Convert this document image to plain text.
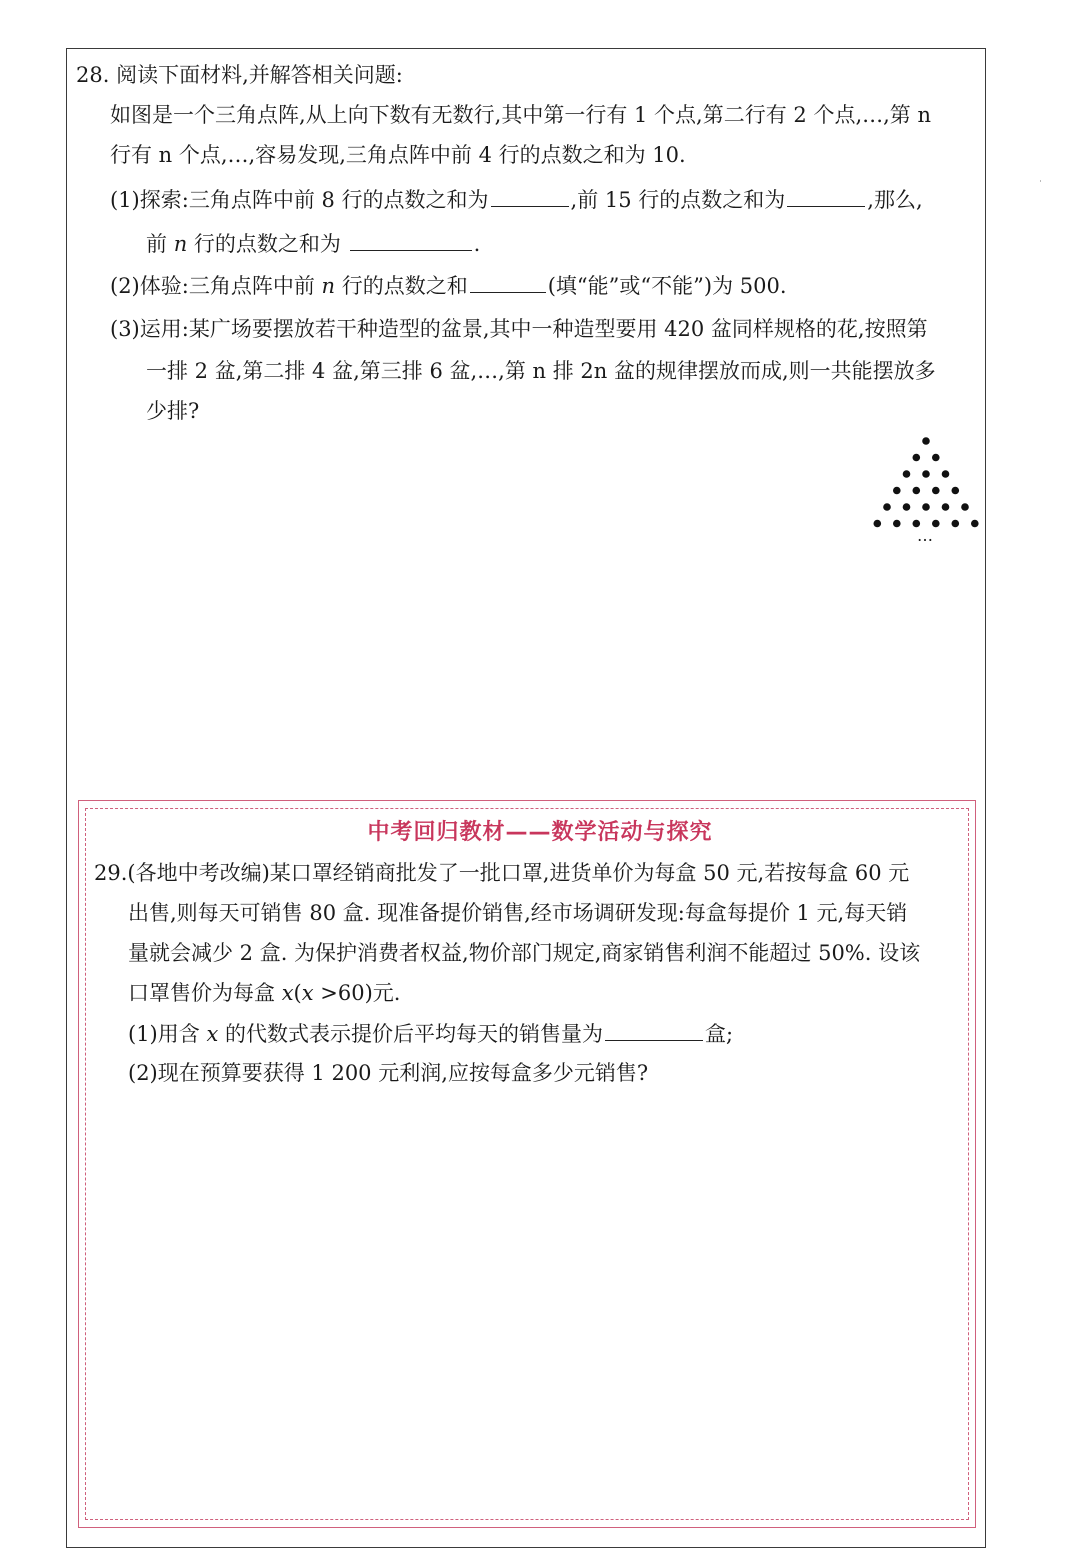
28. 阅读下面材料,并解答相关问题:
如图是一个三角点阵,从上向下数有无数行,其中第一行有 1 个点,第二行有 2 个点,…,第 n
行有 n 个点,…,容易发现,三角点阵中前 4 行的点数之和为 10.
(1)探索:三角点阵中前 8 行的点数之和为	,前 15 行的点数之和为	,那么,
前 n 行的点数之和为	.
(2)体验:三角点阵中前 n 行的点数之和	(填“能”或“不能”)为 500.
(3)运用:某广场要摆放若干种造型的盆景,其中一种造型要用 420 盆同样规格的花,按照第
一排 2 盆,第二排 4 盆,第三排 6 盆,…,第 n 排 2n 盆的规律摆放而成,则一共能摆放多
少排?
…
中考回归教材——数学活动与探究
29.(各地中考改编)某口罩经销商批发了一批口罩,进货单价为每盒 50 元,若按每盒 60 元
出售,则每天可销售 80 盒. 现准备提价销售,经市场调研发现:每盒每提价 1 元,每天销
量就会减少 2 盒. 为保护消费者权益,物价部门规定,商家销售利润不能超过 50%. 设该
口罩售价为每盒 x(x >60)元.
(1)用含 x 的代数式表示提价后平均每天的销售量为	盒;
(2)现在预算要获得 1 200 元利润,应按每盒多少元销售?
